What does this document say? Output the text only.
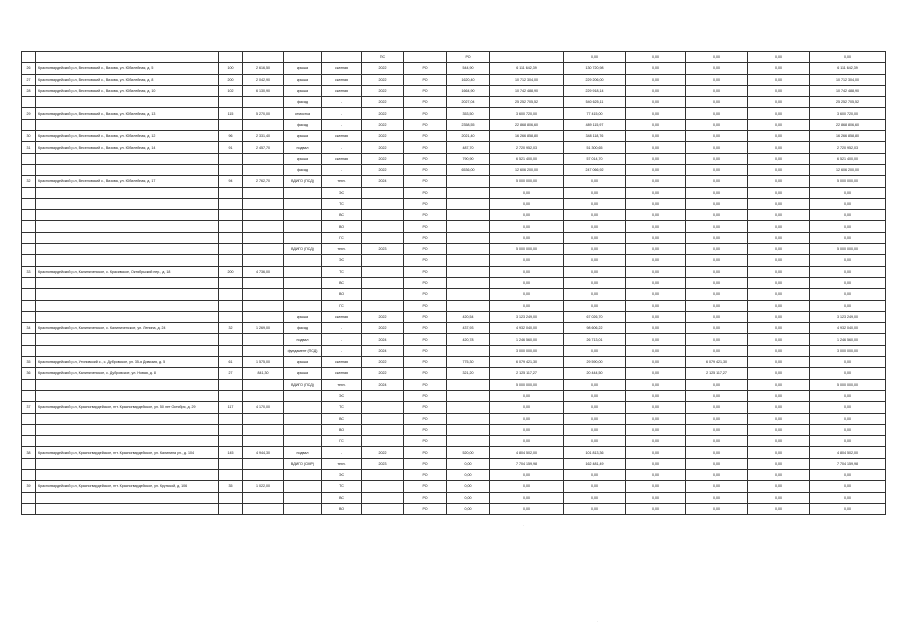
						ПС		РО		0,00	0,00	0,00	0,00	0,00
26	Красногвардейский р-н, Веселовский с., Визова, ул. Юбилейная, д. 5	100	2 616,50	крыша	скатная	2022	РО	544,90	6 111 642,39	130 720,98	0,00	0,00	0,00	6 111 642,39
27	Красногвардейский р-н, Веселовский с., Визова, ул. Юбилейная, д. 8	200	2 042,90	крыша	скатная	2022	РО	1620,40	10 712 304,00	229 206,00	0,00	0,00	0,00	10 712 304,00
28	Красногвардейский р-н, Веселовский с., Визова, ул. Юбилейная, д. 10	102	6 130,90	крыша	скатная	2022	РО	1664,90	10 742 488,90	229 918,14	0,00	0,00	0,00	10 742 488,90
				фасад	-	2022	РО	2027,04	25 252 705,52	540 625,11	0,00	0,00	0,00	25 252 705,52
29	Красногвардейский р-н, Веселовский с., Визова, ул. Юбилейная, д. 13	115	5 270,00	отмостка	-	2022	РО	353,50	3 600 720,00	77 415,00	0,00	0,00	0,00	3 600 720,00
				фасад	-	2022	РО	2358,55	22 868 806,60	489 115,97	0,00	0,00	0,00	22 868 806,60
30	Красногвардейский р-н, Веселовский с., Визова, ул. Юбилейная, д. 12	96	2 331,40	крыша	скатная	2022	РО	2021,40	16 266 858,80	348 118,76	0,00	0,00	0,00	16 266 858,80
31	Красногвардейский р-н, Веселовский с., Визова, ул. Юбилейная, д. 14	91	2 457,70	подвал	-	2022	РО	487,70	2 720 952,03	51 300,65	0,00	0,00	0,00	2 720 952,03
				крыша	скатная	2022	РО	790,90	6 521 400,00	57 014,70	0,00	0,00	0,00	6 521 400,00
				фасад	-	2022	РО	6536,00	12 606 200,00	247 066,92	0,00	0,00	0,00	12 606 200,00
32	Красногвардейский р-н, Веселовский с., Визова, ул. Юбилейная, д. 17	94	2 762,70	ВДИГО (ПСД)	техн.	2024	РО		5 000 000,00	0,00	0,00	0,00	0,00	5 000 000,00
					ЭС		РО		0,00	0,00	0,00	0,00	0,00	0,00
					ТС		РО		0,00	0,00	0,00	0,00	0,00	0,00
					ВС		РО		0,00	0,00	0,00	0,00	0,00	0,00
					ВО		РО		0,00	0,00	0,00	0,00	0,00	0,00
					ГС		РО		0,00	0,00	0,00	0,00	0,00	0,00
				ВДИГО (ПСД)	техн.	2023	РО		5 000 000,00	0,00	0,00	0,00	0,00	5 000 000,00
					ЭС		РО		0,00	0,00	0,00	0,00	0,00	0,00
33	Красногвардейский р-н, Калиниченское, с. Красивское, Октябрьский пер., д. 18	200	4 736,00		ТС		РО		0,00	0,00	0,00	0,00	0,00	0,00
					ВС		РО		0,00	0,00	0,00	0,00	0,00	0,00
					ВО		РО		0,00	0,00	0,00	0,00	0,00	0,00
					ГС		РО		0,00	0,00	0,00	0,00	0,00	0,00
				крыша	скатная	2022	РО	420,54	3 123 249,00	67 026,70	0,00	0,00	0,00	3 123 249,00
34	Красногвардейский р-н, Калиниченское, с. Калиниченское, ул. Ленина, д. 24	32	1 269,00	фасад	-	2022	РО	437,93	4 932 040,00	98 606,22	0,00	0,00	0,00	4 932 040,00
				подвал	-	2024	РО	420,78	1 246 560,00	26 713,01	0,00	0,00	0,00	1 246 560,00
				фундамент (ПСД)	-	2024	РО		3 000 000,00	0,00	0,00	0,00	0,00	3 000 000,00
35	Красногвардейский р-н, Утиновский с., с. Дубровское, ул. 35-я Дивизия, д. 5	61	1 575,00	крыша	скатная	2022	РО	775,30	6 079 421,30	29 590,00	0,00	6 079 421,30	0,00	0,00
36	Красногвардейский р-н, Калиниченское, с. Дубровское, ул. Новая, д. 8	27	841,30	крыша	скатная	2022	РО	321,20	2 125 117,27	20 444,50	0,00	2 125 117,27	0,00	0,00
				ВДИГО (ПСД)	техн.	2024	РО		5 000 000,00	0,00	0,00	0,00	0,00	5 000 000,00
					ЭС		РО		0,00	0,00	0,00	0,00	0,00	0,00
37	Красногвардейский р-н, Красногвардейское, пгт. Красногвардейское, ул. 50 лет Октября, д. 29	117	4 170,00		ТС		РО		0,00	0,00	0,00	0,00	0,00	0,00
					ВС		РО		0,00	0,00	0,00	0,00	0,00	0,00
					ВО		РО		0,00	0,00	0,00	0,00	0,00	0,00
					ГС		РО		0,00	0,00	0,00	0,00	0,00	0,00
38	Красногвардейский р-н, Красногвардейское, пгт. Красногвардейское, ул. Калинина ул., д. 104	145	4 944,30	подвал	-	2022	РО	520,00	4 804 502,00	101 813,36	0,00	0,00	0,00	4 804 502,00
				ВДИГО (СМР)	техн.	2023	РО	0,00	7 704 159,98	162 481,49	0,00	0,00	0,00	7 704 159,98
					ЭС		РО	0,00	0,00	0,00	0,00	0,00	0,00	0,00
39	Красногвардейский р-н, Красногвардейское, пгт. Красногвардейское, ул. Крупской, д. 106	35	1 022,00		ТС		РО	0,00	0,00	0,00	0,00	0,00	0,00	0,00
					ВС		РО	0,00	0,00	0,00	0,00	0,00	0,00	0,00
					ВО		РО	0,00	0,00	0,00	0,00	0,00	0,00	0,00
.
.
